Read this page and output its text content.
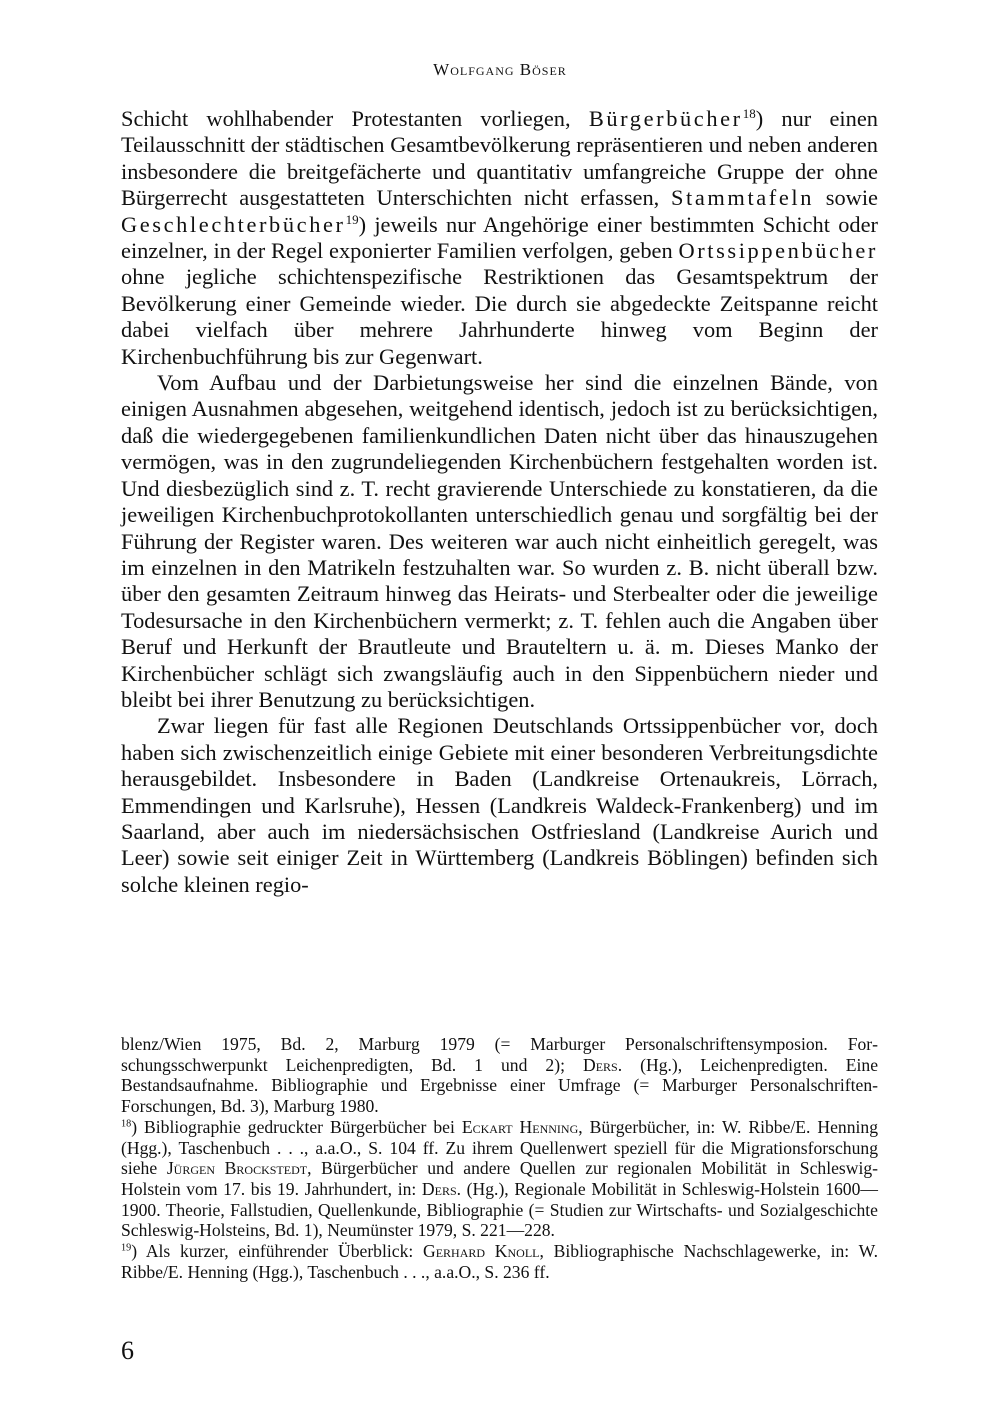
Wolfgang Böser

Schicht wohlhabender Protestanten vorliegen, Bürgerbücher$^{18}$) nur einen Teilausschnitt der städtischen Gesamtbevölkerung repräsentieren und neben anderen insbesondere die breitgefächerte und quantitativ umfangreiche Gruppe der ohne Bürgerrecht ausgestatteten Unterschichten nicht erfassen, Stammtafeln sowie Geschlechterbücher$^{19}$) jeweils nur Angehörige einer bestimmten Schicht oder einzelner, in der Regel exponierter Familien verfolgen, geben Ortssippenbücher ohne jegliche schichtenspezifische Restriktionen das Gesamtspektrum der Bevölkerung einer Gemeinde wieder. Die durch sie abgedeckte Zeitspanne reicht dabei vielfach über mehrere Jahrhunderte hinweg vom Beginn der Kirchenbuchführung bis zur Gegenwart.

Vom Aufbau und der Darbietungsweise her sind die einzelnen Bände, von einigen Ausnahmen abgesehen, weitgehend identisch, jedoch ist zu berücksichtigen, daß die wiedergegebenen familienkundlichen Daten nicht über das hinauszugehen vermögen, was in den zugrundeliegenden Kirchenbüchern festgehalten worden ist. Und diesbezüglich sind z. T. recht gravierende Unterschiede zu konstatieren, da die jeweiligen Kirchenbuchprotokollanten unterschiedlich genau und sorgfältig bei der Führung der Register waren. Des weiteren war auch nicht einheitlich geregelt, was im einzelnen in den Matrikeln festzuhalten war. So wurden z. B. nicht überall bzw. über den gesamten Zeitraum hinweg das Heirats- und Sterbealter oder die jeweilige Todesursache in den Kirchenbüchern vermerkt; z. T. fehlen auch die Angaben über Beruf und Herkunft der Brautleute und Brauteltern u. ä. m. Dieses Manko der Kirchenbücher schlägt sich zwangsläufig auch in den Sippenbüchern nieder und bleibt bei ihrer Benutzung zu berücksichtigen.

Zwar liegen für fast alle Regionen Deutschlands Ortssippenbücher vor, doch haben sich zwischenzeitlich einige Gebiete mit einer besonderen Verbreitungsdichte herausgebildet. Insbesondere in Baden (Landkreise Ortenaukreis, Lörrach, Emmendingen und Karlsruhe), Hessen (Landkreis Waldeck-Frankenberg) und im Saarland, aber auch im niedersächsischen Ostfriesland (Landkreise Aurich und Leer) sowie seit einiger Zeit in Württemberg (Landkreis Böblingen) befinden sich solche kleinen regio-

blenz/Wien 1975, Bd. 2, Marburg 1979 (= Marburger Personalschriftensymposion. Forschungsschwerpunkt Leichenpredigten, Bd. 1 und 2); Ders. (Hg.), Leichenpredigten. Eine Bestandsaufnahme. Bibliographie und Ergebnisse einer Umfrage (= Marburger Personalschriften-Forschungen, Bd. 3), Marburg 1980.

$^{18}$) Bibliographie gedruckter Bürgerbücher bei Eckart Henning, Bürgerbücher, in: W. Ribbe/E. Henning (Hgg.), Taschenbuch . . ., a.a.O., S. 104 ff. Zu ihrem Quellenwert speziell für die Migrationsforschung siehe Jürgen Brockstedt, Bürgerbücher und andere Quellen zur regionalen Mobilität in Schleswig-Holstein vom 17. bis 19. Jahrhundert, in: Ders. (Hg.), Regionale Mobilität in Schleswig-Holstein 1600—1900. Theorie, Fallstudien, Quellenkunde, Bibliographie (= Studien zur Wirtschafts- und Sozialgeschichte Schleswig-Holsteins, Bd. 1), Neumünster 1979, S. 221—228.

$^{19}$) Als kurzer, einführender Überblick: Gerhard Knoll, Bibliographische Nachschlagewerke, in: W. Ribbe/E. Henning (Hgg.), Taschenbuch . . ., a.a.O., S. 236 ff.

6
